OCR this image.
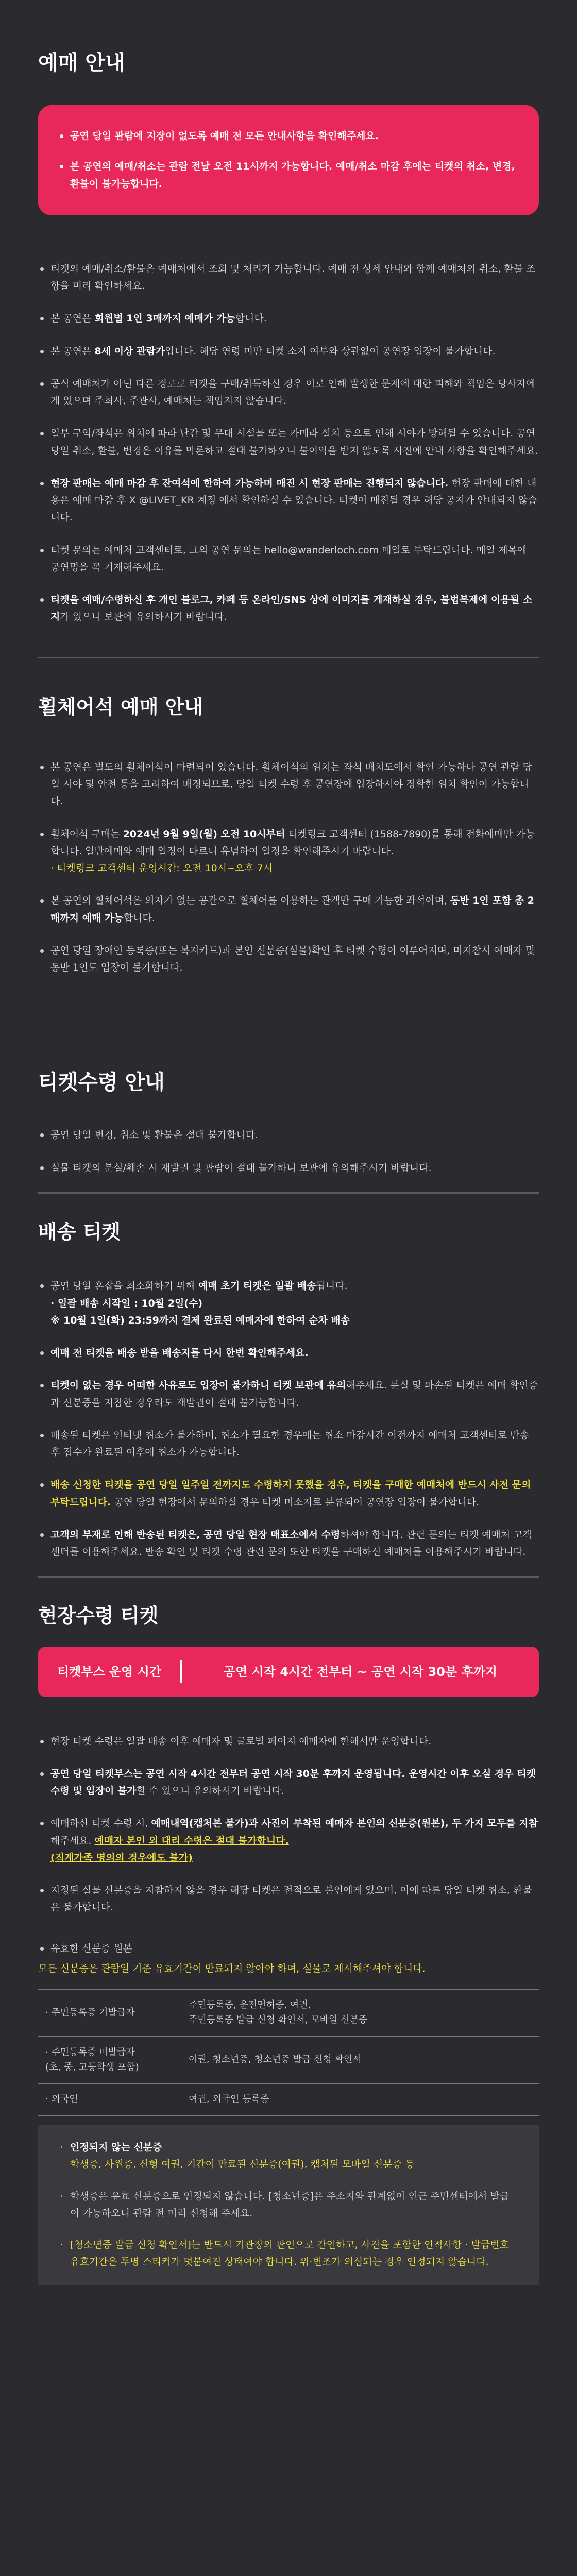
예매 안내
공연 당일 관람에 지장이 없도록 예매 전 모든 안내사항을 확인해주세요.
본 공연의 예매/취소는 관람 전날 오전 11시까지 가능합니다. 예매/취소 마감 후에는 티켓의 취소, 변경, 환불이 불가능합니다.
티켓의 예매/취소/환불은 예매처에서 조회 및 처리가 가능합니다. 예매 전 상세 안내와 함께 예매처의 취소, 환불 조항을 미리 확인하세요.
본 공연은 회원별 1인 3매까지 예매가 가능합니다.
본 공연은 8세 이상 관람가입니다. 해당 연령 미만 티켓 소지 여부와 상관없이 공연장 입장이 불가합니다.
공식 예매처가 아닌 다른 경로로 티켓을 구매/취득하신 경우 이로 인해 발생한 문제에 대한 피해와 책임은 당사자에게 있으며 주최사, 주관사, 예매처는 책임지지 않습니다.
일부 구역/좌석은 위치에 따라 난간 및 무대 시설물 또는 카메라 설치 등으로 인해 시야가 방해될 수 있습니다. 공연 당일 취소, 환불, 변경은 이유를 막론하고 절대 불가하오니 불이익을 받지 않도록 사전에 안내 사항을 확인해주세요.
현장 판매는 예매 마감 후 잔여석에 한하여 가능하며 매진 시 현장 판매는 진행되지 않습니다. 현장 판매에 대한 내용은 예매 마감 후 X @LIVET_KR 계정 에서 확인하실 수 있습니다. 티켓이 매진될 경우 해당 공지가 안내되지 않습니다.
티켓 문의는 예매처 고객센터로, 그외 공연 문의는 hello@wanderloch.com 메일로 부탁드립니다. 메일 제목에 공연명을 꼭 기재해주세요.
티켓을 예매/수령하신 후 개인 블로그, 카페 등 온라인/SNS 상에 이미지를 게재하실 경우, 불법복제에 이용될 소지가 있으니 보관에 유의하시기 바랍니다.
휠체어석 예매 안내
본 공연은 별도의 휠체어석이 마련되어 있습니다. 휠체어석의 위치는 좌석 배치도에서 확인 가능하나 공연 관람 당일 시야 및 안전 등을 고려하여 배정되므로, 당일 티켓 수령 후 공연장에 입장하셔야 정확한 위치 확인이 가능합니다.
휠체어석 구매는 2024년 9월 9일(월) 오전 10시부터 티켓링크 고객센터 (1588-7890)를 통해 전화예매만 가능합니다. 일반예매와 예매 일정이 다르니 유념하여 일정을 확인해주시기 바랍니다.
· 티켓링크 고객센터 운영시간: 오전 10시~오후 7시
본 공연의 휠체어석은 의자가 없는 공간으로 휠체어를 이용하는 관객만 구매 가능한 좌석이며, 동반 1인 포함 총 2매까지 예매 가능합니다.
공연 당일 장애인 등록증(또는 복지카드)과 본인 신분증(실물)확인 후 티켓 수령이 이루어지며, 미지참시 예매자 및 동반 1인도 입장이 불가합니다.
티켓수령 안내
공연 당일 변경, 취소 및 환불은 절대 불가합니다.
실물 티켓의 분실/훼손 시 재발권 및 관람이 절대 불가하니 보관에 유의해주시기 바랍니다.
배송 티켓
공연 당일 혼잡을 최소화하기 위해 예매 초기 티켓은 일괄 배송됩니다.
· 일괄 배송 시작일 : 10월 2일(수)
※ 10월 1일(화) 23:59까지 결제 완료된 예매자에 한하여 순차 배송
예매 전 티켓을 배송 받을 배송지를 다시 한번 확인해주세요.
티켓이 없는 경우 어떠한 사유로도 입장이 불가하니 티켓 보관에 유의해주세요. 분실 및 파손된 티켓은 예매 확인증과 신분증을 지참한 경우라도 재발권이 절대 불가능합니다.
배송된 티켓은 인터넷 취소가 불가하며, 취소가 필요한 경우에는 취소 마감시간 이전까지 예매처 고객센터로 반송 후 접수가 완료된 이후에 취소가 가능합니다.
배송 신청한 티켓을 공연 당일 일주일 전까지도 수령하지 못했을 경우, 티켓을 구매한 예매처에 반드시 사전 문의 부탁드립니다. 공연 당일 현장에서 문의하실 경우 티켓 미소지로 분류되어 공연장 입장이 불가합니다.
고객의 부재로 인해 반송된 티켓은, 공연 당일 현장 매표소에서 수령하셔야 합니다. 관련 문의는 티켓 예매처 고객센터를 이용해주세요. 반송 확인 및 티켓 수령 관련 문의 또한 티켓을 구매하신 예매처를 이용해주시기 바랍니다.
현장수령 티켓
티켓부스 운영 시간	공연 시작 4시간 전부터 ~ 공연 시작 30분 후까지
현장 티켓 수령은 일괄 배송 이후 예매자 및 글로벌 페이지 예매자에 한해서만 운영합니다.
공연 당일 티켓부스는 공연 시작 4시간 전부터 공연 시작 30분 후까지 운영됩니다. 운영시간 이후 오실 경우 티켓 수령 및 입장이 불가할 수 있으니 유의하시기 바랍니다.
예매하신 티켓 수령 시, 예매내역(캡처본 불가)과 사진이 부착된 예매자 본인의 신분증(원본), 두 가지 모두를 지참해주세요. 예매자 본인 외 대리 수령은 절대 불가합니다.
(직계가족 명의의 경우에도 불가)
지정된 실물 신분증을 지참하지 않을 경우 해당 티켓은 전적으로 본인에게 있으며, 이에 따른 당일 티켓 취소, 환불은 불가합니다.
유효한 신분증 원본
모든 신분증은 관람일 기준 유효기간이 만료되지 않아야 하며, 실물로 제시해주셔야 합니다.
· 주민등록증 기발급자	주민등록증, 운전면허증, 여권,
주민등록증 발급 신청 확인서, 모바일 신분증
· 주민등록증 미발급자
(초, 중, 고등학생 포함)	여권, 청소년증, 청소년증 발급 신청 확인서
· 외국인	여권, 외국인 등록증
· 인정되지 않는 신분증
학생증, 사원증, 신형 여권, 기간이 만료된 신분증(여권), 캡처된 모바일 신분증 등
· 학생증은 유효 신분증으로 인정되지 않습니다. [청소년증]은 주소지와 관계없이 인근 주민센터에서 발급이 가능하오니 관람 전 미리 신청해 주세요.
· [청소년증 발급 신청 확인서]는 반드시 기관장의 관인으로 간인하고, 사진을 포함한 인적사항 · 발급번호 유효기간은 투명 스티커가 덧붙여진 상태여야 합니다. 위·변조가 의심되는 경우 인정되지 않습니다.
